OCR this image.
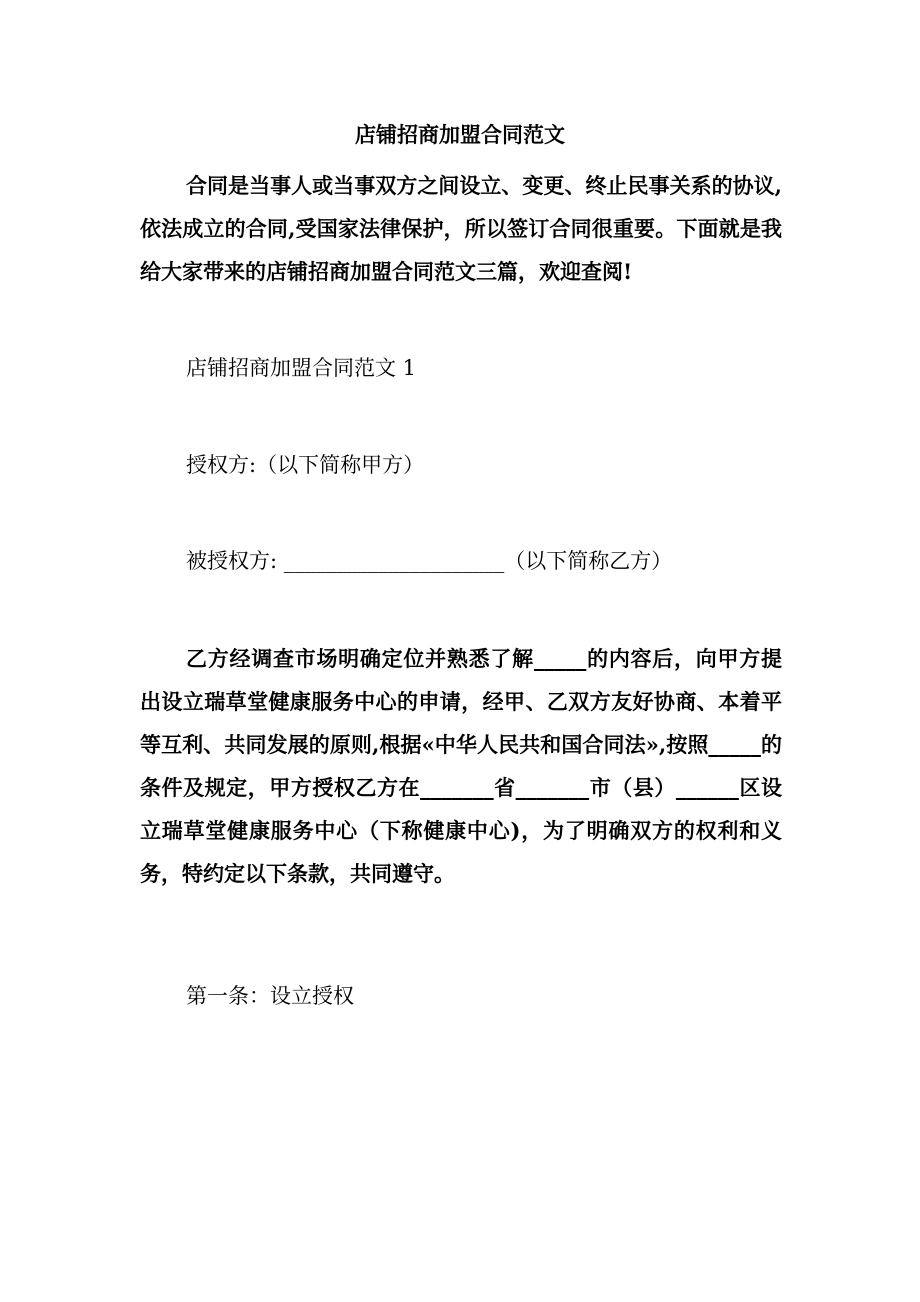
店铺招商加盟合同范文

合同是当事人或当事双方之间设立、变更、终止民事关系的协议,依法成立的合同,受国家法律保护，所以签订合同很重要。下面就是我给大家带来的店铺招商加盟合同范文三篇，欢迎查阅!

店铺招商加盟合同范文 1

授权方:（以下简称甲方）

被授权方: _____________________（以下简称乙方）

乙方经调查市场明确定位并熟悉了解_____的内容后，向甲方提出设立瑞草堂健康服务中心的申请，经甲、乙双方友好协商、本着平等互利、共同发展的原则,根据«中华人民共和国合同法»,按照_____的条件及规定，甲方授权乙方在_______省_______市（县）______区设立瑞草堂健康服务中心（下称健康中心)，为了明确双方的权利和义务，特约定以下条款，共同遵守。

第一条：设立授权
